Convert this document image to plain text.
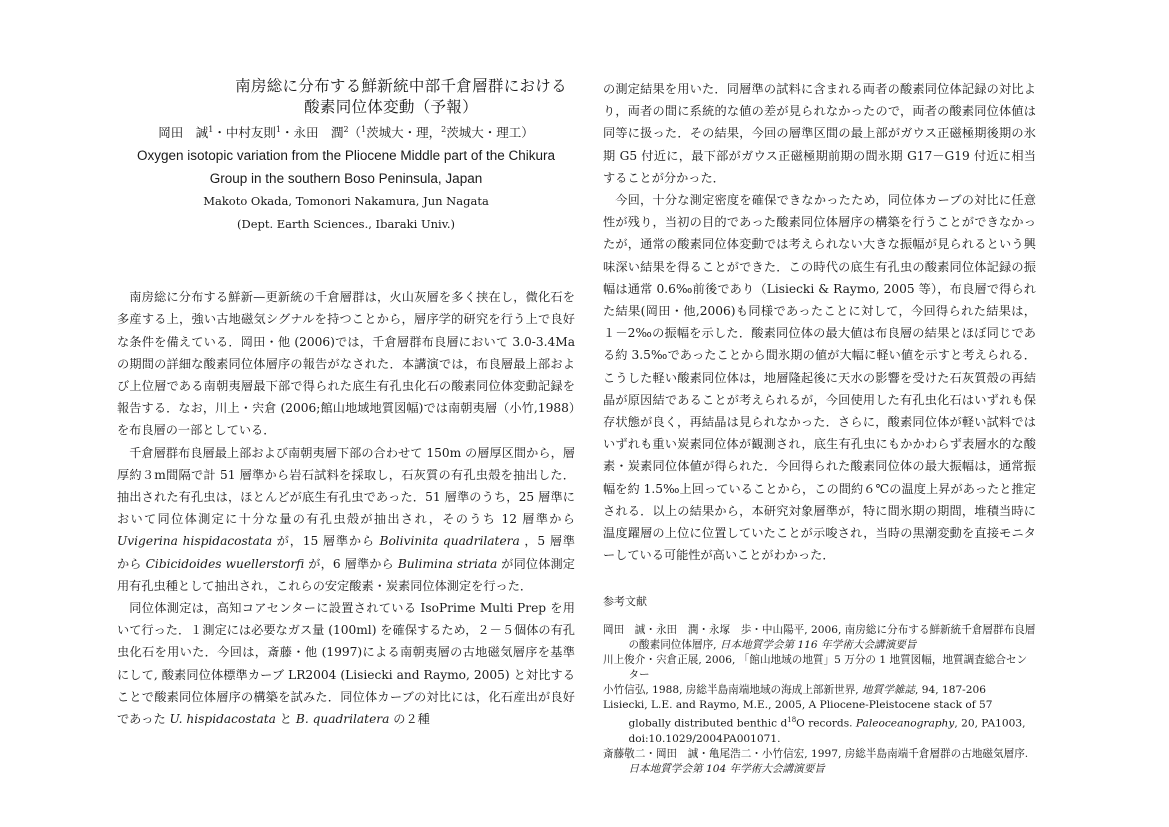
南房総に分布する鮮新統中部千倉層群における
酸素同位体変動（予報）
岡田　誠$^1$・中村友則$^1$・永田　潤$^2$（$^1$茨城大・理，$^2$茨城大・理工）
Oxygen isotopic variation from the Pliocene Middle part of the Chikura Group in the southern Boso Peninsula, Japan
Makoto Okada, Tomonori Nakamura, Jun Nagata
(Dept. Earth Sciences., Ibaraki Univ.)

南房総に分布する鮮新—更新統の千倉層群は，火山灰層を多く挟在し，微化石を多産する上，強い古地磁気シグナルを持つことから，層序学的研究を行う上で良好な条件を備えている．岡田・他 (2006)では，千倉層群布良層において 3.0-3.4Ma の期間の詳細な酸素同位体層序の報告がなされた．本講演では，布良層最上部および上位層である南朝夷層最下部で得られた底生有孔虫化石の酸素同位体変動記録を報告する．なお，川上・宍倉 (2006;館山地域地質図幅)では南朝夷層（小竹,1988）を布良層の一部としている．

千倉層群布良層最上部および南朝夷層下部の合わせて 150m の層厚区間から，層厚約３m間隔で計 51 層準から岩石試料を採取し，石灰質の有孔虫殻を抽出した．抽出された有孔虫は，ほとんどが底生有孔虫であった．51 層準のうち，25 層準において同位体測定に十分な量の有孔虫殻が抽出され，そのうち 12 層準から Uvigerina hispidacostata が，15 層準から Bolivinita quadrilatera ，5 層準から Cibicidoides wuellerstorfi が，6 層準から Bulimina striata が同位体測定用有孔虫種として抽出され，これらの安定酸素・炭素同位体測定を行った．

同位体測定は，高知コアセンターに設置されている IsoPrime Multi Prep を用いて行った．１測定には必要なガス量 (100ml) を確保するため，２－５個体の有孔虫化石を用いた．今回は，斎藤・他 (1997)による南朝夷層の古地磁気層序を基準にして, 酸素同位体標準カーブ LR2004 (Lisiecki and Raymo, 2005) と対比することで酸素同位体層序の構築を試みた．同位体カーブの対比には，化石産出が良好であった U. hispidacostata と B. quadrilatera の２種

の測定結果を用いた．同層準の試料に含まれる両者の酸素同位体記録の対比より，両者の間に系統的な値の差が見られなかったので，両者の酸素同位体値は同等に扱った．その結果，今回の層準区間の最上部がガウス正磁極期後期の氷期 G5 付近に，最下部がガウス正磁極期前期の間氷期 G17－G19 付近に相当することが分かった．

今回，十分な測定密度を確保できなかったため，同位体カーブの対比に任意性が残り，当初の目的であった酸素同位体層序の構築を行うことができなかったが，通常の酸素同位体変動では考えられない大きな振幅が見られるという興味深い結果を得ることができた．この時代の底生有孔虫の酸素同位体記録の振幅は通常 0.6‰前後であり（Lisiecki & Raymo, 2005 等），布良層で得られた結果(岡田・他,2006)も同様であったことに対して，今回得られた結果は，１－2‰の振幅を示した．酸素同位体の最大値は布良層の結果とほぼ同じである約 3.5‰であったことから間氷期の値が大幅に軽い値を示すと考えられる．こうした軽い酸素同位体は，地層隆起後に天水の影響を受けた石灰質殻の再結晶が原因結であることが考えられるが，今回使用した有孔虫化石はいずれも保存状態が良く，再結晶は見られなかった．さらに，酸素同位体が軽い試料ではいずれも重い炭素同位体が観測され，底生有孔虫にもかかわらず表層水的な酸素・炭素同位体値が得られた．今回得られた酸素同位体の最大振幅は，通常振幅を約 1.5‰上回っていることから，この間約６℃の温度上昇があったと推定される．以上の結果から，本研究対象層準が，特に間氷期の期間，堆積当時に温度躍層の上位に位置していたことが示唆され，当時の黒潮変動を直接モニターしている可能性が高いことがわかった．

参考文献
岡田　誠・永田　潤・永塚　歩・中山陽平, 2006, 南房総に分布する鮮新統千倉層群布良層の酸素同位体層序, 日本地質学会第 116 年学術大会講演要旨
川上俊介・宍倉正展, 2006, 「館山地域の地質」5 万分の 1 地質図幅，地質調査総合センター
小竹信弘, 1988, 房総半島南端地域の海成上部新世界, 地質学雑誌, 94, 187-206
Lisiecki, L.E. and Raymo, M.E., 2005, A Pliocene-Pleistocene stack of 57 globally distributed benthic $d^{18}O$ records. Paleoceanography, 20, PA1003, doi:10.1029/2004PA001071.
斎藤敬二・岡田　誠・亀尾浩二・小竹信宏, 1997, 房総半島南端千倉層群の古地磁気層序. 日本地質学会第 104 年学術大会講演要旨
